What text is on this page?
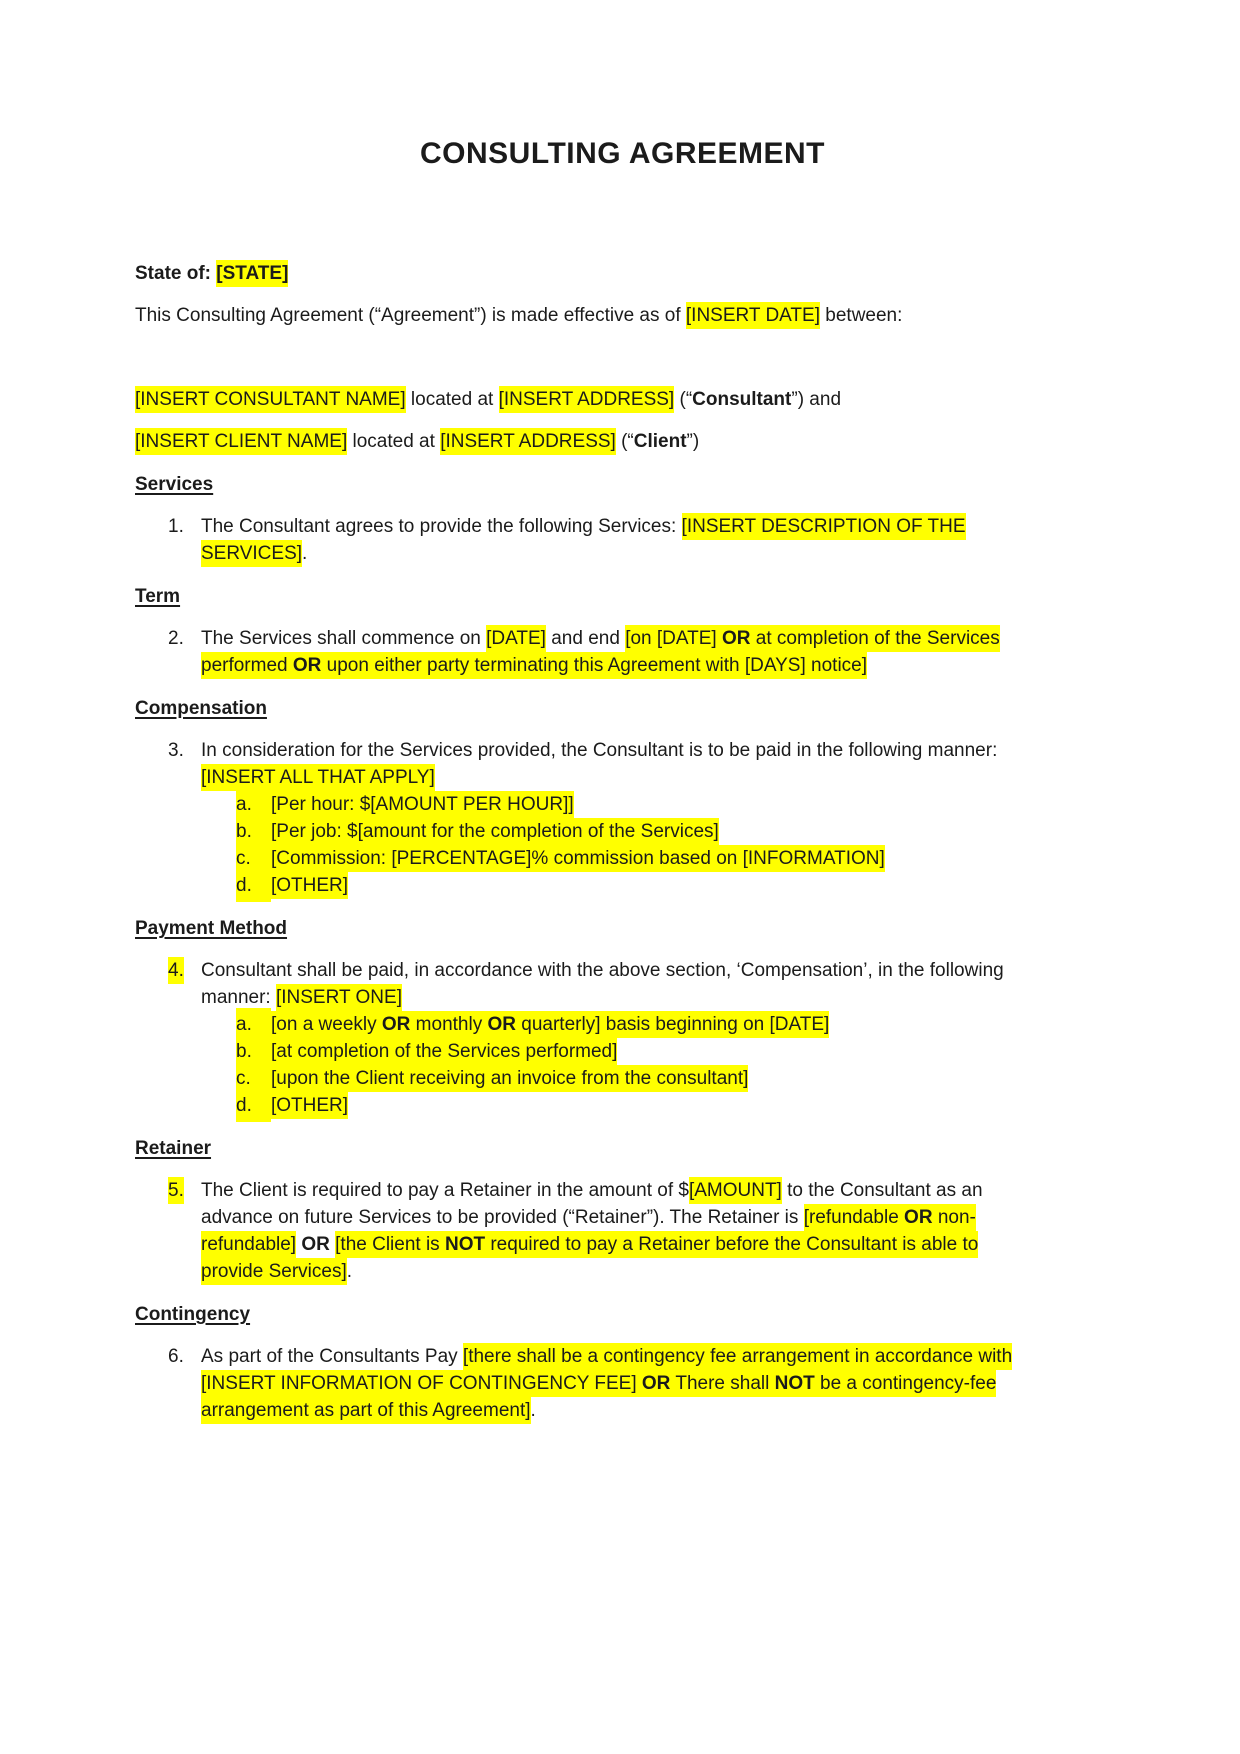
CONSULTING AGREEMENT
State of: [STATE]
This Consulting Agreement (“Agreement”) is made effective as of [INSERT DATE] between:
[INSERT CONSULTANT NAME] located at [INSERT ADDRESS] (“Consultant”) and
[INSERT CLIENT NAME] located at [INSERT ADDRESS] (“Client”)
Services
1. The Consultant agrees to provide the following Services: [INSERT DESCRIPTION OF THE SERVICES].
Term
2. The Services shall commence on [DATE] and end [on [DATE] OR at completion of the Services performed OR upon either party terminating this Agreement with [DAYS] notice]
Compensation
3. In consideration for the Services provided, the Consultant is to be paid in the following manner: [INSERT ALL THAT APPLY]
a.	[Per hour: $[AMOUNT PER HOUR]]
b.	[Per job: $[amount for the completion of the Services]
c.	[Commission: [PERCENTAGE]% commission based on [INFORMATION]
d.	[OTHER]
Payment Method
4. Consultant shall be paid, in accordance with the above section, ‘Compensation’, in the following manner: [INSERT ONE]
a.	[on a weekly OR monthly OR quarterly] basis beginning on [DATE]
b.	[at completion of the Services performed]
c.	[upon the Client receiving an invoice from the consultant]
d.	[OTHER]
Retainer
5. The Client is required to pay a Retainer in the amount of $[AMOUNT] to the Consultant as an advance on future Services to be provided (“Retainer”). The Retainer is [refundable OR non-refundable] OR [the Client is NOT required to pay a Retainer before the Consultant is able to provide Services].
Contingency
6. As part of the Consultants Pay [there shall be a contingency fee arrangement in accordance with [INSERT INFORMATION OF CONTINGENCY FEE] OR There shall NOT be a contingency-fee arrangement as part of this Agreement].
